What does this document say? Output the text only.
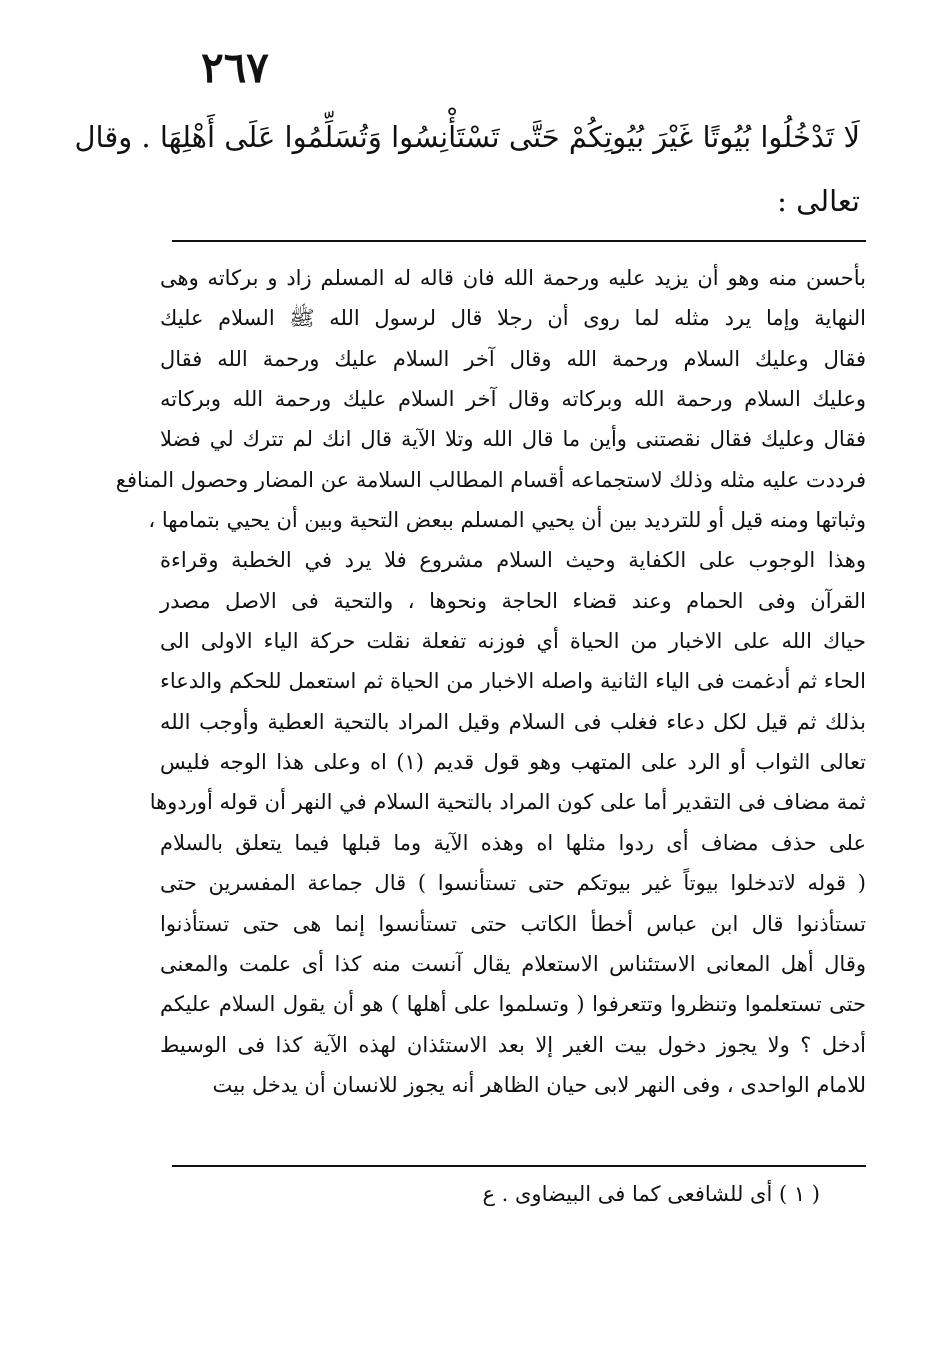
٢٦٧
لَا تَدْخُلُوا بُيُوتًا غَيْرَ بُيُوتِكُمْ حَتَّى تَسْتَأْنِسُوا وَتُسَلِّمُوا عَلَى أَهْلِهَا . وقال
تعالى :
بأحسن منه وهو أن يزيد عليه ورحمة الله فان قاله له المسلم زاد و بركاته وهى
النهاية وإما يرد مثله لما روى أن رجلا قال لرسول الله ﷺ السلام عليك
فقال وعليك السلام ورحمة الله وقال آخر السلام عليك ورحمة الله فقال
وعليك السلام ورحمة الله وبركاته وقال آخر السلام عليك ورحمة الله وبركاته
فقال وعليك فقال نقصتنى وأين ما قال الله وتلا الآية قال انك لم تترك لي فضلا
فرددت عليه مثله وذلك لاستجماعه أقسام المطالب السلامة عن المضار وحصول المنافع
وثباتها ومنه قيل أو للترديد بين أن يحيي المسلم ببعض التحية وبين أن يحيي بتمامها ،
وهذا الوجوب على الكفاية وحيث السلام مشروع فلا يرد في الخطبة وقراءة
القرآن وفى الحمام وعند قضاء الحاجة ونحوها ، والتحية فى الاصل مصدر
حياك الله على الاخبار من الحياة أي فوزنه تفعلة نقلت حركة الياء الاولى الى
الحاء ثم أدغمت فى الياء الثانية واصله الاخبار من الحياة ثم استعمل للحكم والدعاء
بذلك ثم قيل لكل دعاء فغلب فى السلام وقيل المراد بالتحية العطية وأوجب الله
تعالى الثواب أو الرد على المتهب وهو قول قديم (١) اه وعلى هذا الوجه فليس
ثمة مضاف فى التقدير أما على كون المراد بالتحية السلام في النهر أن قوله أوردوها
على حذف مضاف أى ردوا مثلها اه وهذه الآية وما قبلها فيما يتعلق بالسلام
( قوله لاتدخلوا بيوتاً غير بيوتكم حتى تستأنسوا ) قال جماعة المفسرين حتى
تستأذنوا قال ابن عباس أخطأ الكاتب حتى تستأنسوا إنما هى حتى تستأذنوا
وقال أهل المعانى الاستئناس الاستعلام يقال آنست منه كذا أى علمت والمعنى
حتى تستعلموا وتنظروا وتتعرفوا ( وتسلموا على أهلها ) هو أن يقول السلام عليكم
أدخل ؟ ولا يجوز دخول بيت الغير إلا بعد الاستئذان لهذه الآية كذا فى الوسيط
للامام الواحدى ، وفى النهر لابى حيان الظاهر أنه يجوز للانسان أن يدخل بيت
( ١ ) أى للشافعى كما فى البيضاوى . ع
